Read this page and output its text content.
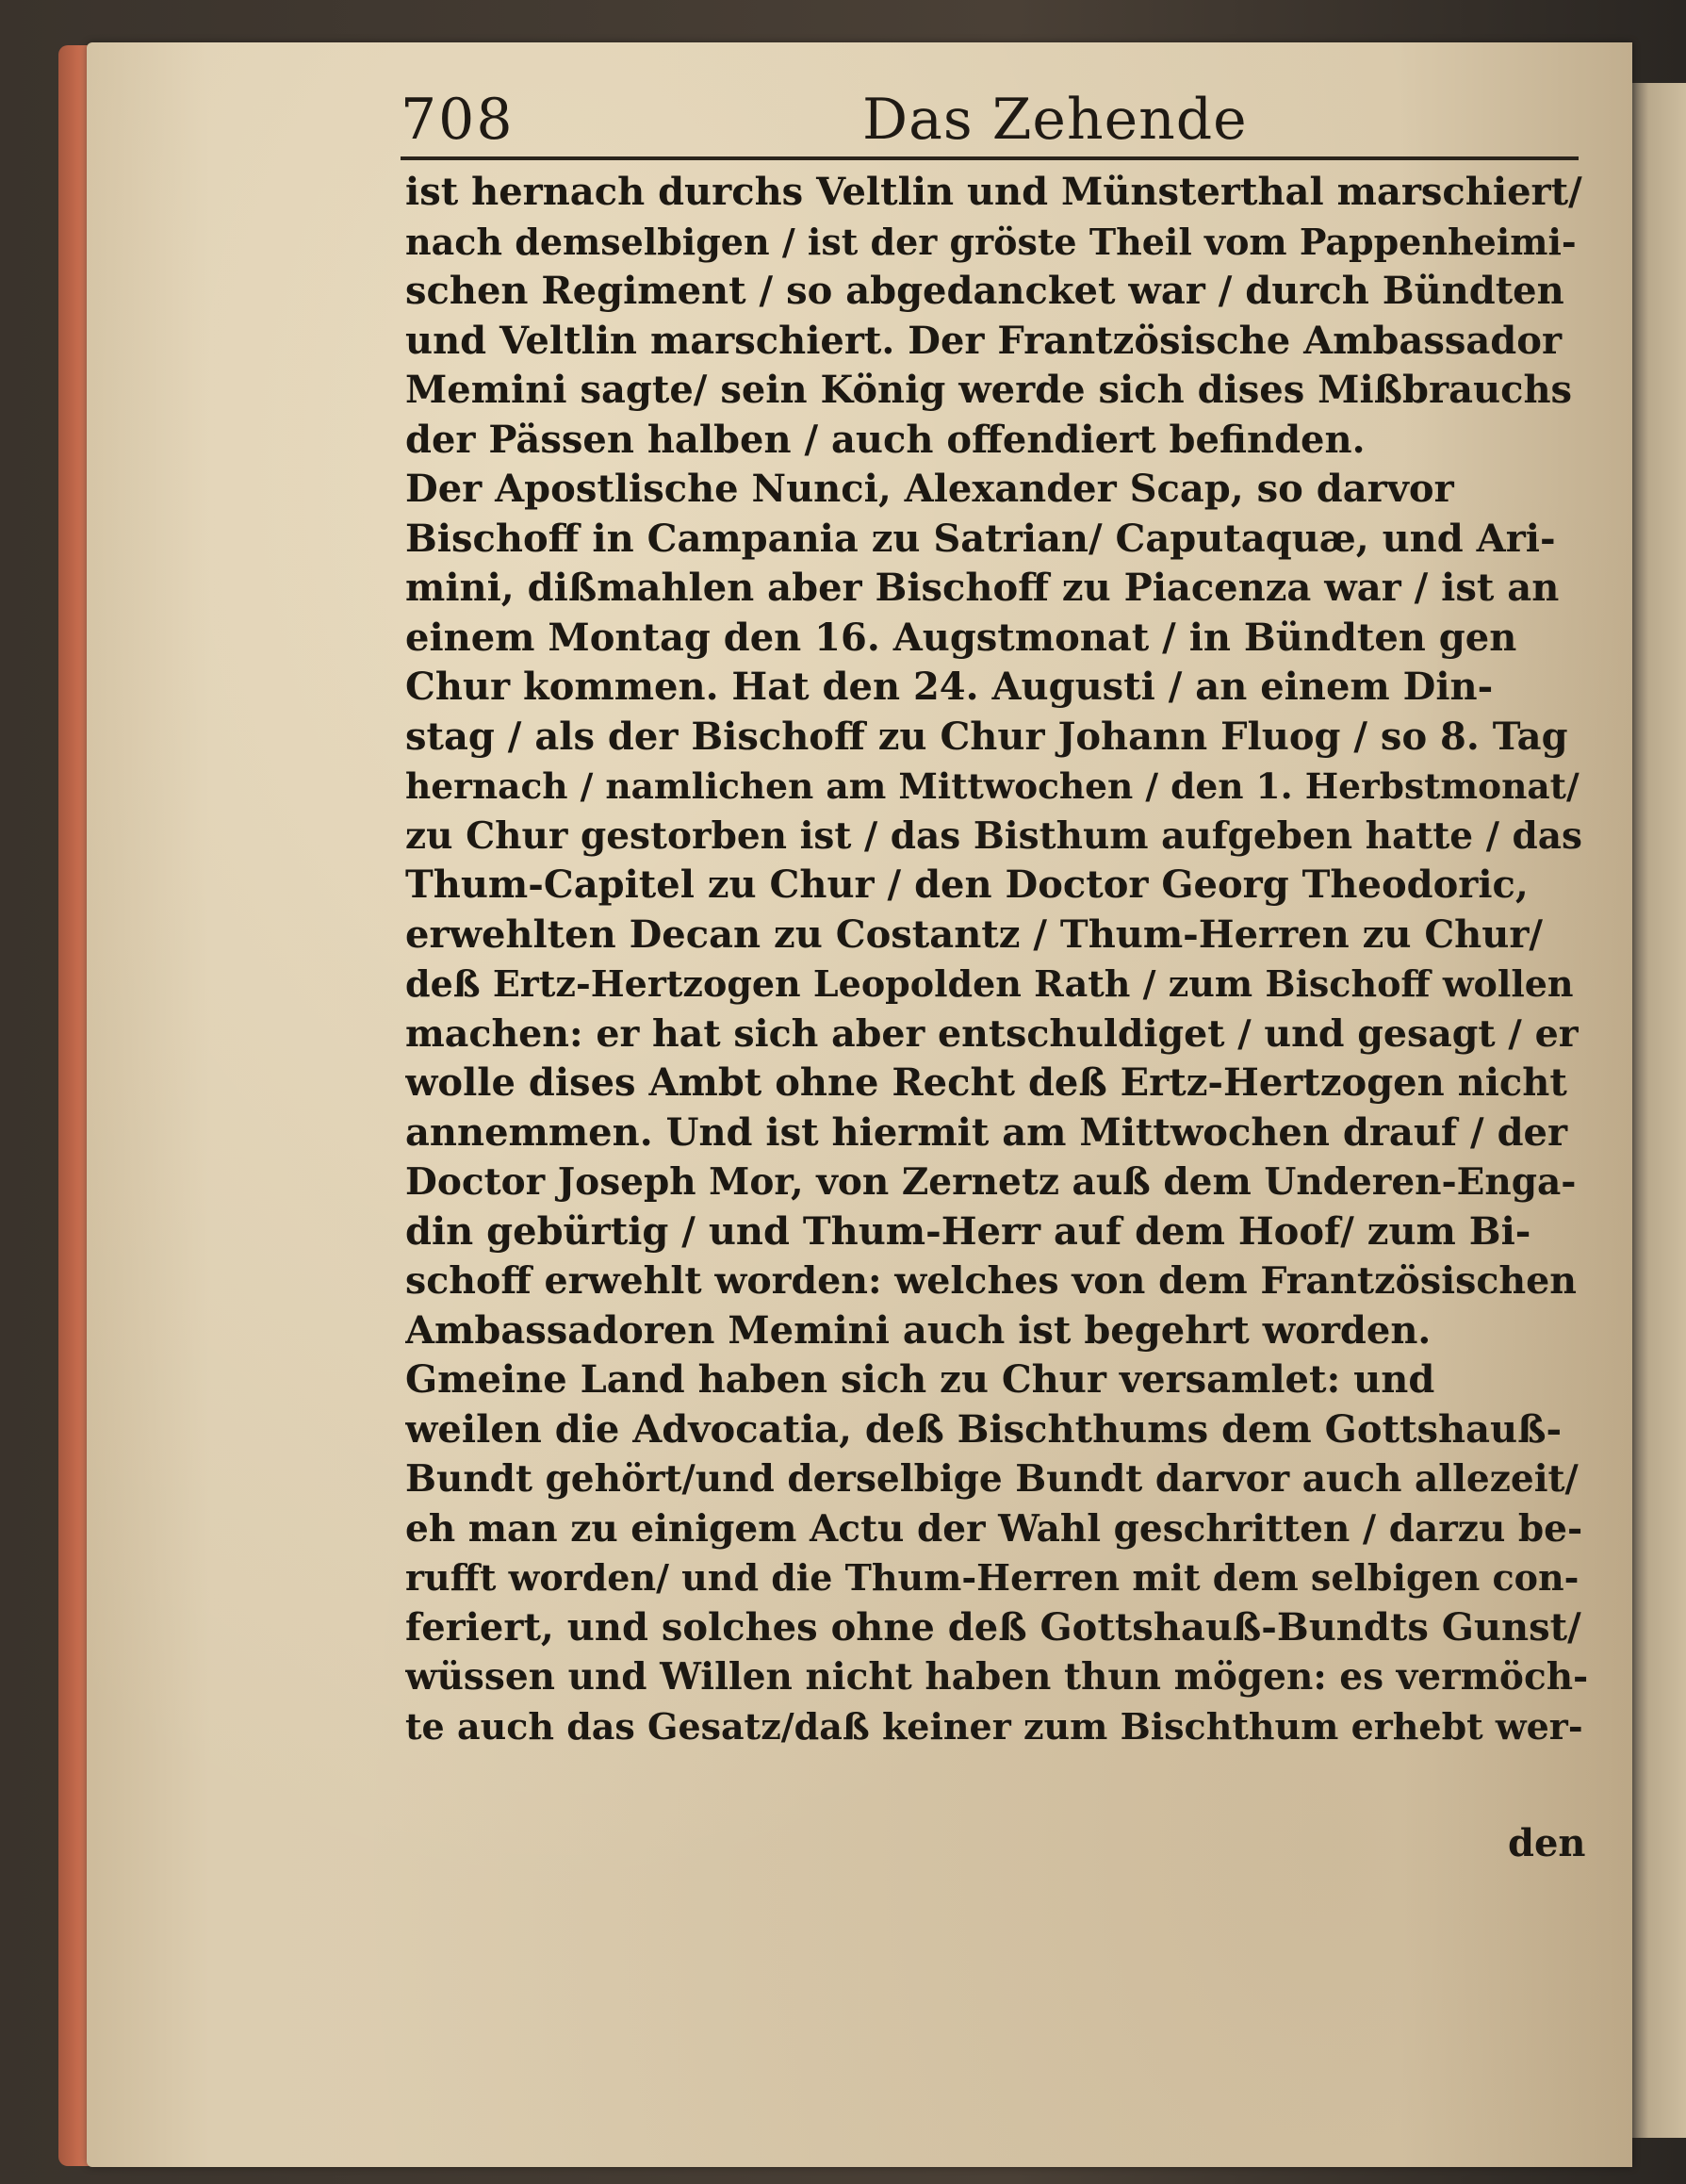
708	Das Zehende
ist hernach durchs Veltlin und Münsterthal marschiert/
nach demselbigen / ist der gröste Theil vom Pappenheimi-
schen Regiment / so abgedancket war / durch Bündten
und Veltlin marschiert. Der Frantzösische Ambassador
Memini sagte/ sein König werde sich dises Mißbrauchs
der Pässen halben / auch offendiert befinden.
Der Apostlische Nunci, Alexander Scap, so darvor
Bischoff in Campania zu Satrian/ Caputaquæ, und Ari-
mini, dißmahlen aber Bischoff zu Piacenza war / ist an
einem Montag den 16. Augstmonat / in Bündten gen
Chur kommen. Hat den 24. Augusti / an einem Din-
stag / als der Bischoff zu Chur Johann Fluog / so 8. Tag
hernach / namlichen am Mittwochen / den 1. Herbstmonat/
zu Chur gestorben ist / das Bisthum aufgeben hatte / das
Thum-Capitel zu Chur / den Doctor Georg Theodoric,
erwehlten Decan zu Costantz / Thum-Herren zu Chur/
deß Ertz-Hertzogen Leopolden Rath / zum Bischoff wollen
machen: er hat sich aber entschuldiget / und gesagt / er
wolle dises Ambt ohne Recht deß Ertz-Hertzogen nicht
annemmen. Und ist hiermit am Mittwochen drauf / der
Doctor Joseph Mor, von Zernetz auß dem Underen-Enga-
din gebürtig / und Thum-Herr auf dem Hoof/ zum Bi-
schoff erwehlt worden: welches von dem Frantzösischen
Ambassadoren Memini auch ist begehrt worden.
Gmeine Land haben sich zu Chur versamlet: und
weilen die Advocatia, deß Bischthums dem Gottshauß-
Bundt gehört/und derselbige Bundt darvor auch allezeit/
eh man zu einigem Actu der Wahl geschritten / darzu be-
rufft worden/ und die Thum-Herren mit dem selbigen con-
feriert, und solches ohne deß Gottshauß-Bundts Gunst/
wüssen und Willen nicht haben thun mögen: es vermöch-
te auch das Gesatz/daß keiner zum Bischthum erhebt wer-
den
